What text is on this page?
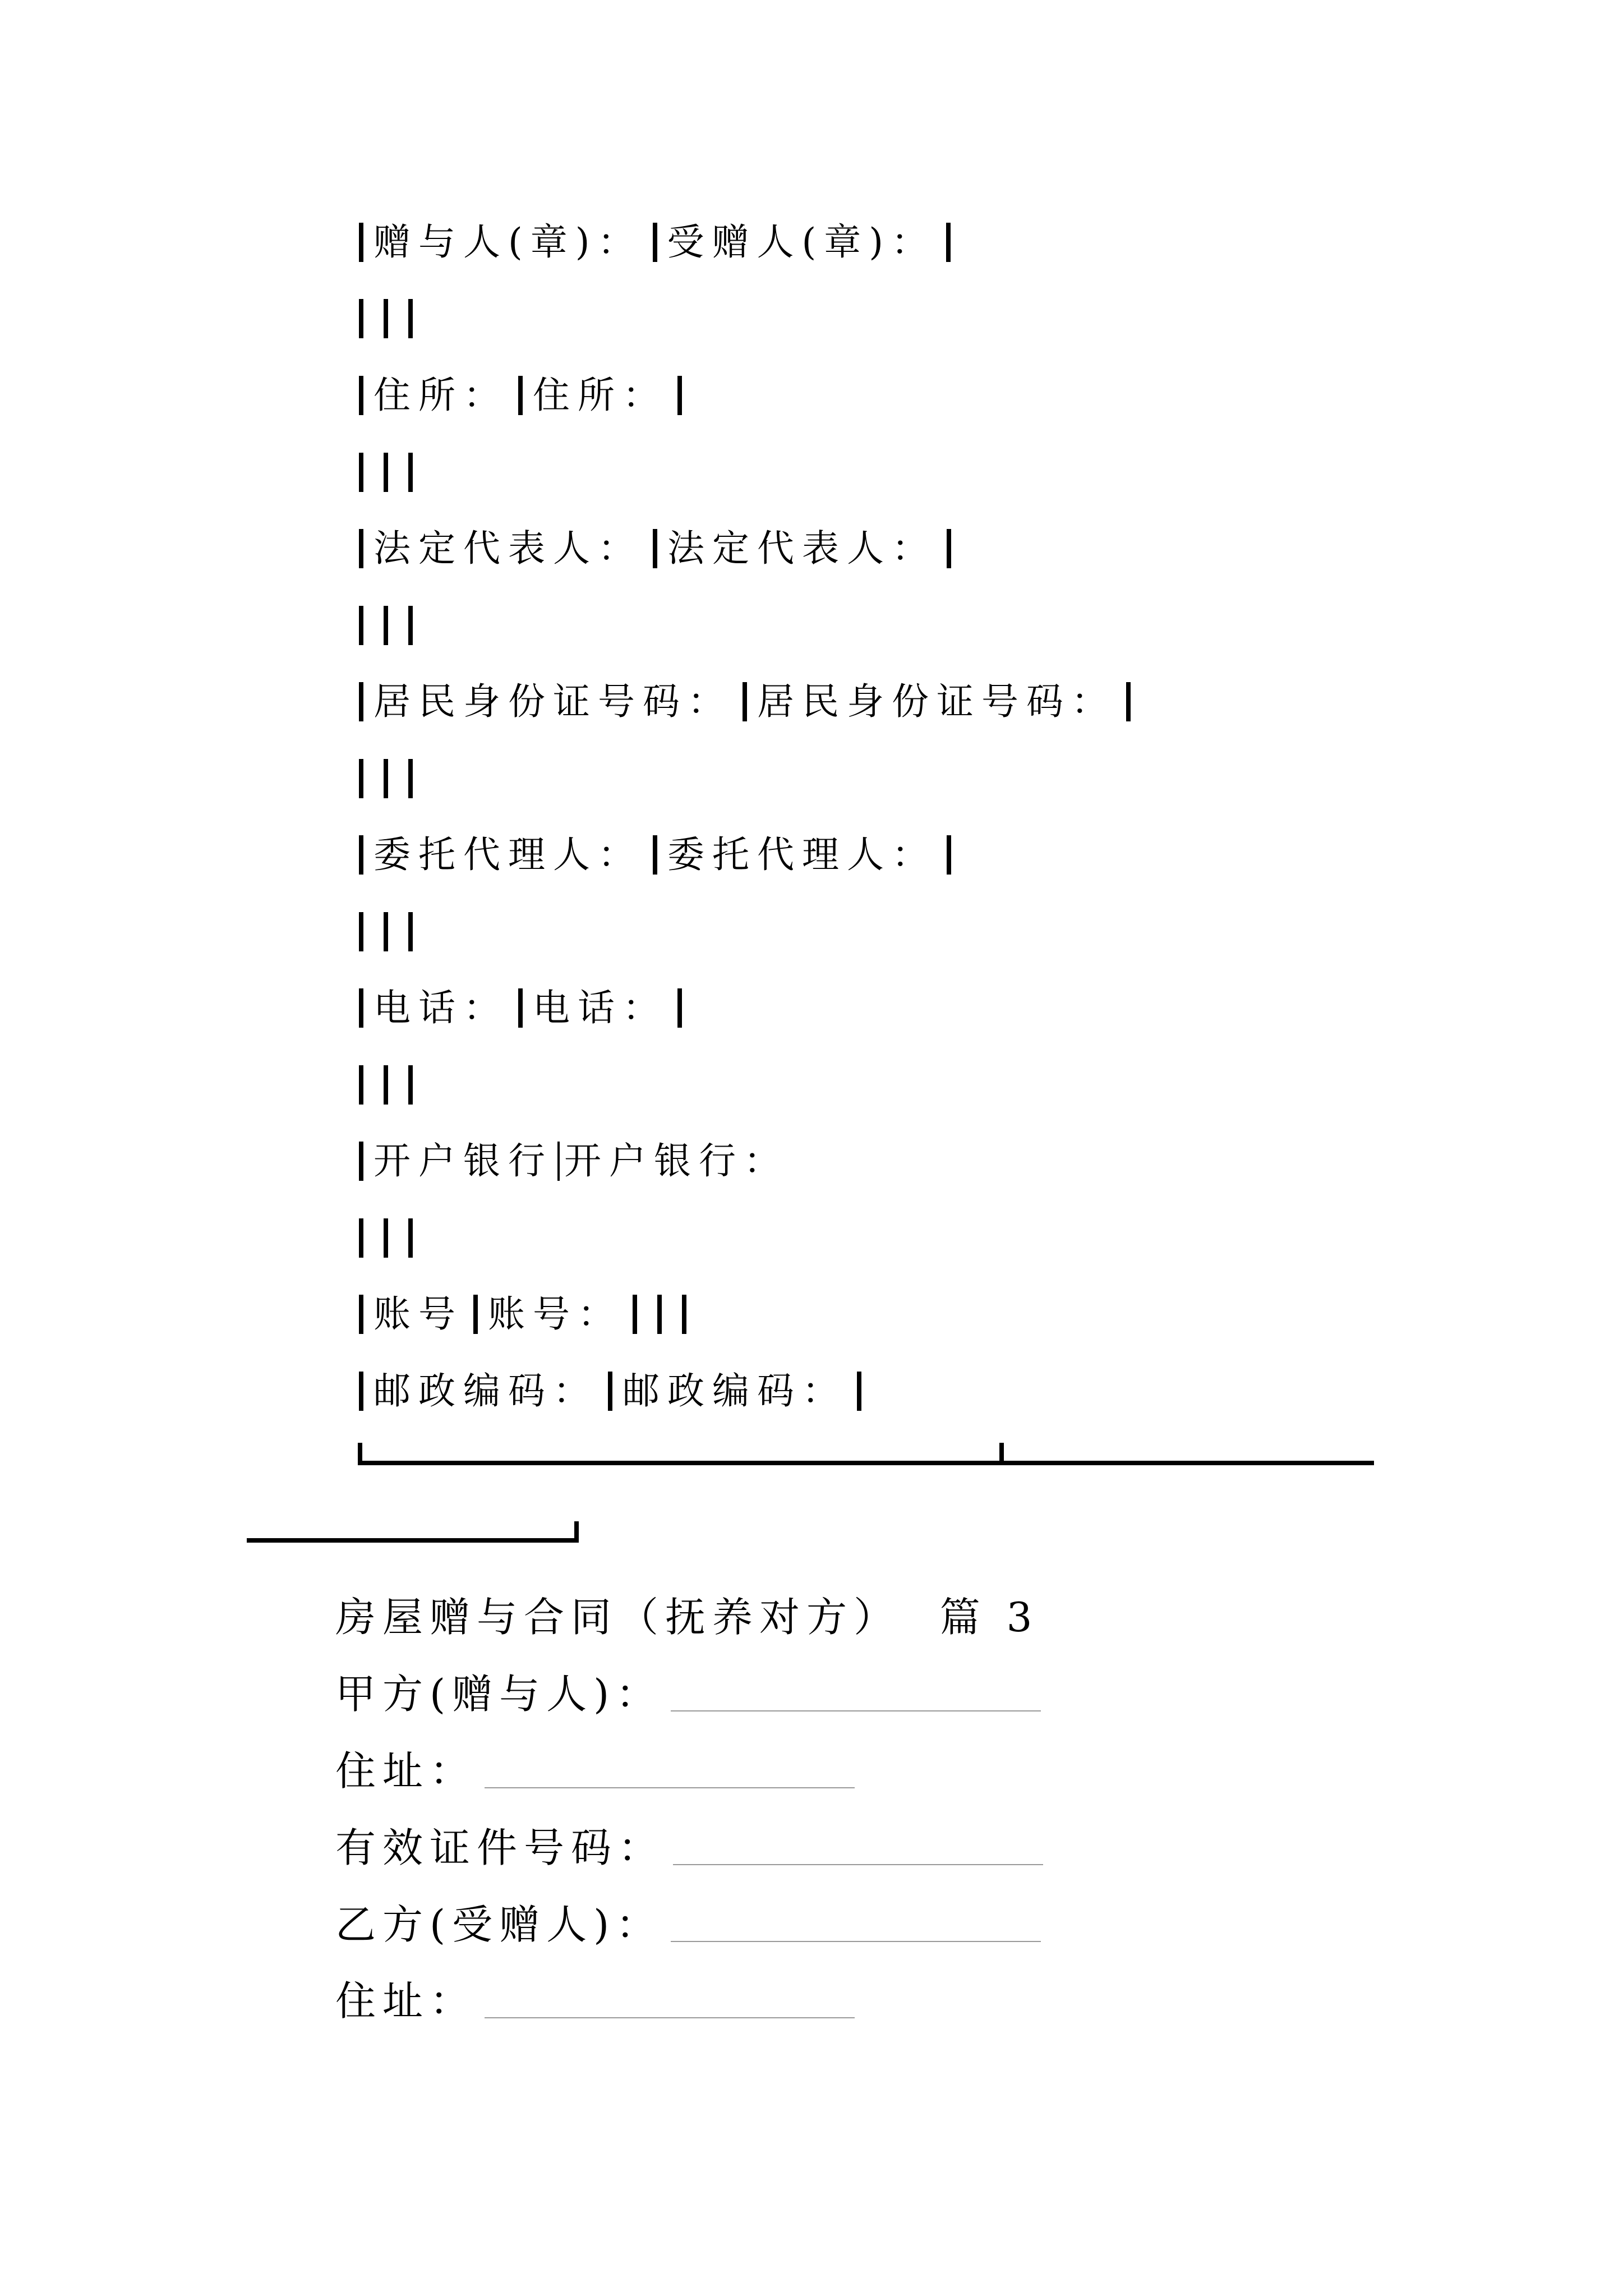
赠与人(章)： 受赠人(章)：
住所： 住所：
法定代表人： 法定代表人：
居民身份证号码： 居民身份证号码：
委托代理人： 委托代理人：
电话： 电话：
开户银行 开户银行：
账号 账号：
邮政编码： 邮政编码：
房屋赠与合同（抚养对方）  篇 3
甲方(赠与人)：
住址：
有效证件号码：
乙方(受赠人)：
住址：
